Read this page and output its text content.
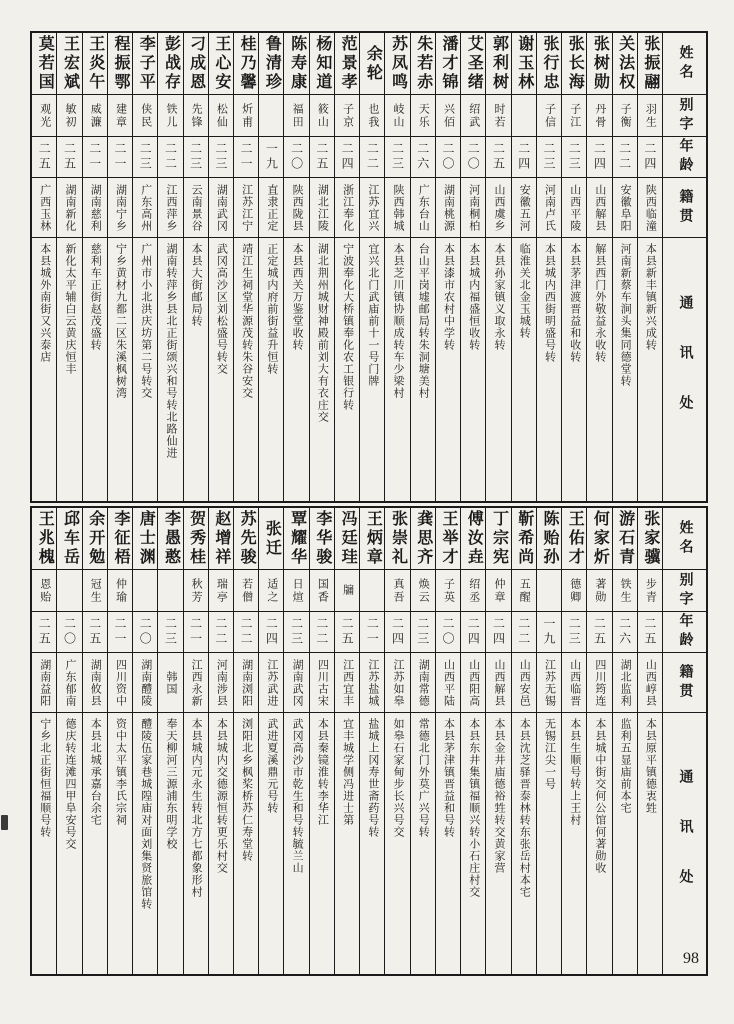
姓名
别字
年龄
籍贯
通讯处
张振翮
羽生
二四
陕西临潼
本县新丰镇新兴成转
关法权
子衡
二二
安徽阜阳
河南新蔡车涧头集同德堂转
张树勋
丹骨
二四
山西解县
解县西门外敬益永收转
张长海
子江
二三
山西平陵
本县茅津渡晋益和收转
张行忠
子信
二三
河南卢氏
本县城内西街明盛号转
谢玉林
二四
安徽五河
临淮关北金玉城转
郭利树
时若
二五
山西虞乡
本县孙家镇义取永转
艾圣绪
绍武
二〇
河南桐柏
本县城内福盛恒收转
潘才锦
兴佰
二〇
湖南桃源
本县漆市农村中学转
朱若赤
天乐
二六
广东台山
台山平岗墟邮局转朱洞塘美村
苏凤鸣
岐山
二三
陕西韩城
本县芝川镇协顺成转车少梁村
余轮
也我
二二
江苏宜兴
宜兴北门武庙前十一号门牌
范景孝
子京
二四
浙江奉化
宁波奉化大桥镇奉化农工银行转
杨知道
筱山
二五
湖北江陵
湖北荆州城财神殿前刘大有衣庄交
陈寿康
福田
二〇
陕西陇县
本县西关万鉴堂收转
鲁清珍
一九
直隶正定
正定城内府前街益升恒转
桂乃馨
炘甫
二一
江苏江宁
靖江生祠堂华源茂转朱谷安交
王心安
松仙
二三
湖南武冈
武冈高沙区刘松盛号转交
刁成恩
先锋
二三
云南景谷
本县大街邮局转
彭战存
铁儿
二二
江西萍乡
湖南转萍乡县北正街颂兴和号转北路仙进
李子平
侠民
二三
广东高州
广州市小北洪庆坊第二号转交
程振鄂
建章
二一
湖南宁乡
宁乡黄材九都二区朱溪枫树湾
王炎午
威濂
二一
湖南慈利
慈利车正街赵茂盛转
王宏斌
敏初
二五
湖南新化
新化太平辅白云黄庆恒丰
莫若国
观光
二五
广西玉林
本县城外南街又兴泰店
姓名
别字
年龄
籍贯
通讯处
张家骥
步青
二五
山西崞县
本县原平镇德衷甡
游石青
铁生
二六
湖北监利
监利五显庙前本宅
何家炘
著勋
二五
四川筠连
本县城中街交何公馆何著勋收
王佑才
德卿
二三
山西临晋
本县生顺号转上王村
陈贻孙
一九
江苏无锡
无锡江尖一号
靳希尚
五醒
二二
山西安邑
本县沈芝驿晋泰林转东张岳村本宅
丁宗宪
仲章
二四
山西解县
本县金井庙德裕甡转交黄家营
傅汝垚
绍丞
二四
山西阳高
本县东井集镇福顺兴转小石庄村交
王举才
子英
二〇
山西平陆
本县茅津镇晋益和号转
龚思齐
焕云
二三
湖南常德
常德北门外莫广兴号转
张崇礼
真吾
二四
江苏如皋
如皋石家甸步长兴号交
王炳章
二一
江苏盐城
盐城上冈寿世斋药号转
冯廷珪
牖
二五
江西宜丰
宜丰城学侧冯进士第
李华骏
国香
二二
四川古宋
本县秦镜淮转李华江
覃耀华
日煊
二三
湖南武冈
武冈高沙市乾生和号转毓兰山
张迁
适之
二四
江苏武进
武进夏溪鼎元号转
苏先骏
若僧
二二
湖南浏阳
浏阳北乡枫桨桥苏仁寿堂转
赵增祥
瑞亭
二二
河南涉县
本县城内交德源恒转更乐村交
贺秀桂
秋芳
二一
江西永新
本县城内元永生转北方七都象形村
李愚憨
二三
韩国
奉天柳河三源浦东明学校
唐士渊
二〇
湖南醴陵
醴陵伍家巷城隍庙对面刘集贤旅馆转
李征梧
仲瑜
二一
四川资中
资中太平镇李氏宗祠
余开勉
冠生
二五
湖南攸县
本县北城承嘉台余宅
邱车岳
二〇
广东郁南
德庆转连滩四甲阜安号交
王兆槐
恩贻
二五
湖南益阳
宁乡北正街恒福顺号转
98
